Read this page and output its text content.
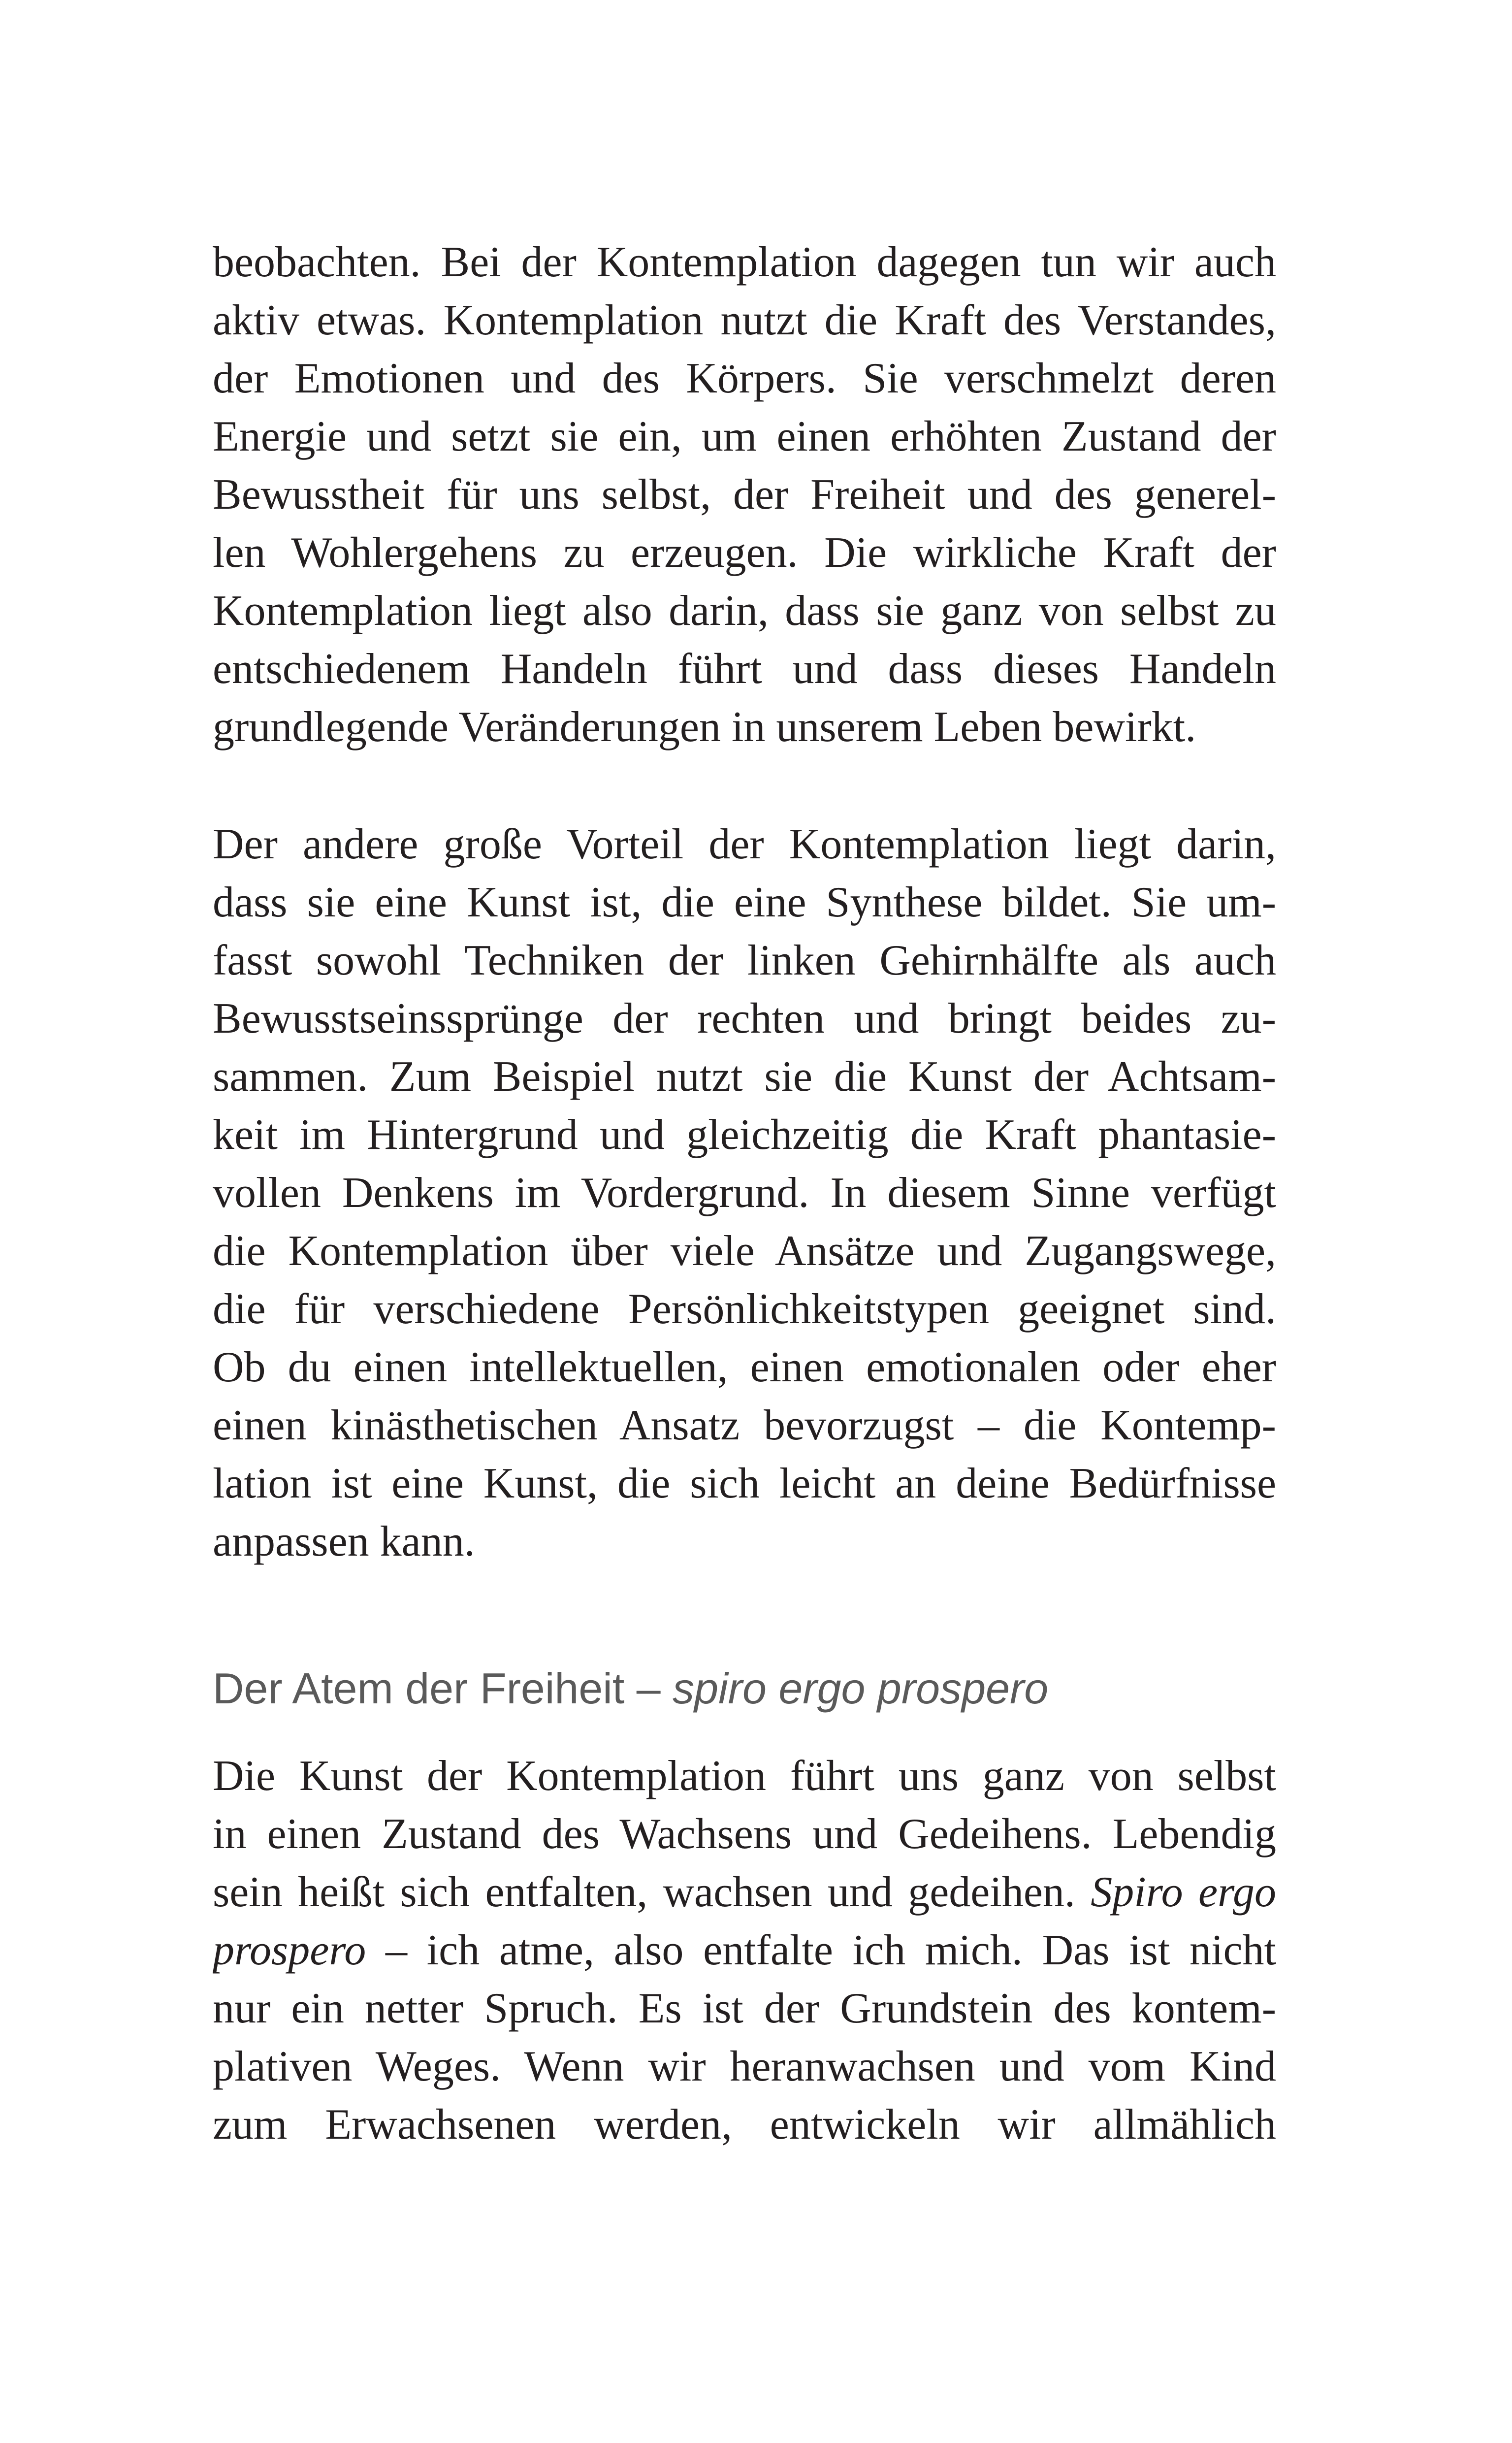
beobachten. Bei der Kontemplation dagegen tun wir auch
aktiv etwas. Kontemplation nutzt die Kraft des Verstandes,
der Emotionen und des Körpers. Sie verschmelzt deren
Energie und setzt sie ein, um einen erhöhten Zustand der
Bewusstheit für uns selbst, der Freiheit und des generel-
len Wohlergehens zu erzeugen. Die wirkliche Kraft der
Kontemplation liegt also darin, dass sie ganz von selbst zu
entschiedenem Handeln führt und dass dieses Handeln
grundlegende Veränderungen in unserem Leben bewirkt.
Der andere große Vorteil der Kontemplation liegt darin,
dass sie eine Kunst ist, die eine Synthese bildet. Sie um-
fasst sowohl Techniken der linken Gehirnhälfte als auch
Bewusstseinssprünge der rechten und bringt beides zu-
sammen. Zum Beispiel nutzt sie die Kunst der Achtsam-
keit im Hintergrund und gleichzeitig die Kraft phantasie-
vollen Denkens im Vordergrund. In diesem Sinne verfügt
die Kontemplation über viele Ansätze und Zugangswege,
die für verschiedene Persönlichkeitstypen geeignet sind.
Ob du einen intellektuellen, einen emotionalen oder eher
einen kinästhetischen Ansatz bevorzugst – die Kontemp-
lation ist eine Kunst, die sich leicht an deine Bedürfnisse
anpassen kann.
Der Atem der Freiheit – spiro ergo prospero
Die Kunst der Kontemplation führt uns ganz von selbst
in einen Zustand des Wachsens und Gedeihens. Lebendig
sein heißt sich entfalten, wachsen und gedeihen. Spiro ergo
prospero – ich atme, also entfalte ich mich. Das ist nicht
nur ein netter Spruch. Es ist der Grundstein des kontem-
plativen Weges. Wenn wir heranwachsen und vom Kind
zum Erwachsenen werden, entwickeln wir allmählich
